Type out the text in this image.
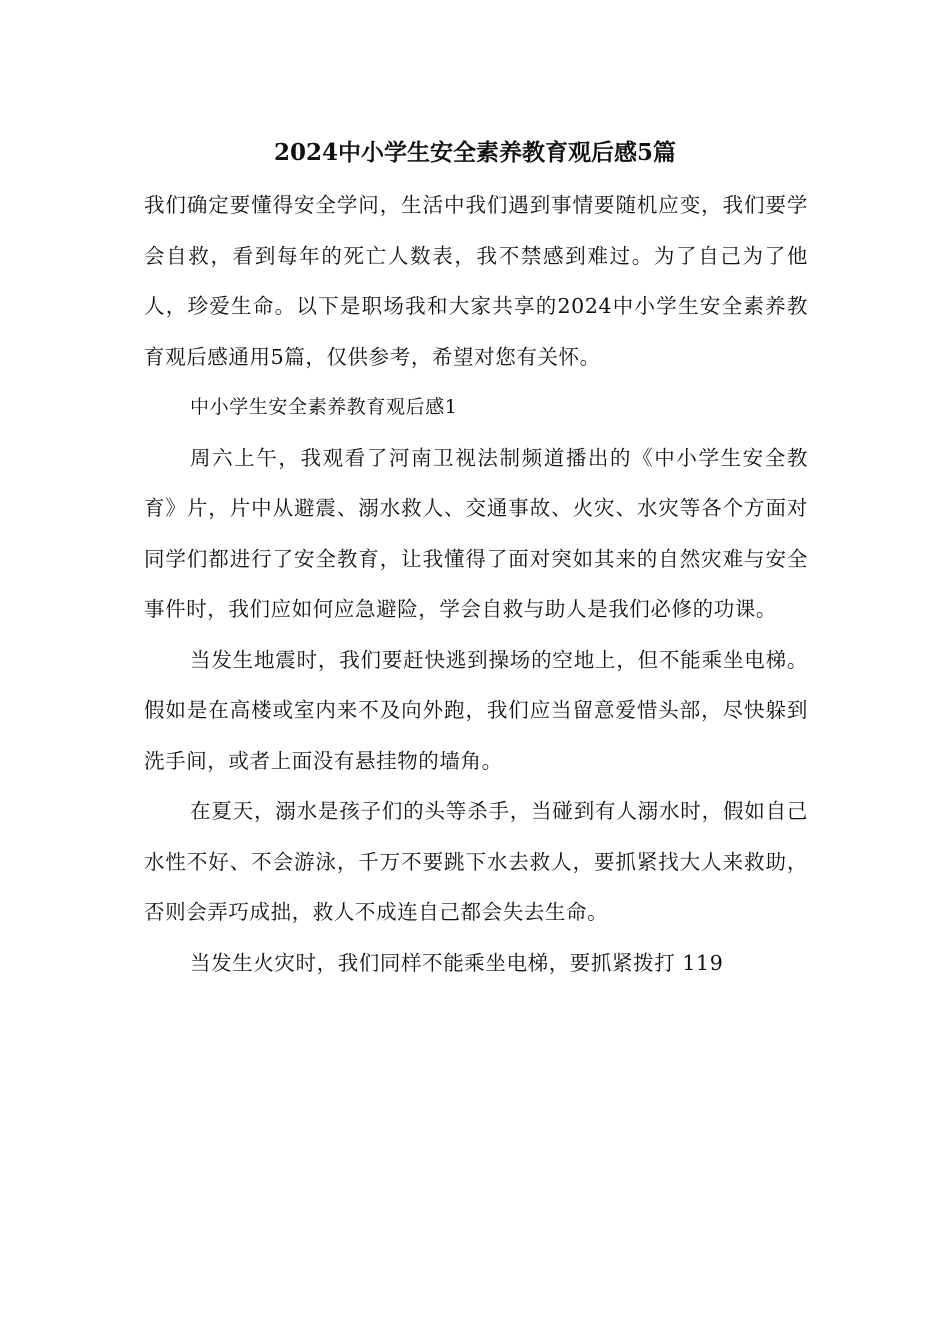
2024中小学生安全素养教育观后感5篇

我们确定要懂得安全学问，生活中我们遇到事情要随机应变，我们要学会自救，看到每年的死亡人数表，我不禁感到难过。为了自己为了他人，珍爱生命。以下是职场我和大家共享的2024中小学生安全素养教育观后感通用5篇，仅供参考，希望对您有关怀。

中小学生安全素养教育观后感1

周六上午，我观看了河南卫视法制频道播出的《中小学生安全教育》片，片中从避震、溺水救人、交通事故、火灾、水灾等各个方面对同学们都进行了安全教育，让我懂得了面对突如其来的自然灾难与安全事件时，我们应如何应急避险，学会自救与助人是我们必修的功课。

当发生地震时，我们要赶快逃到操场的空地上，但不能乘坐电梯。假如是在高楼或室内来不及向外跑，我们应当留意爱惜头部，尽快躲到洗手间，或者上面没有悬挂物的墙角。

在夏天，溺水是孩子们的头等杀手，当碰到有人溺水时，假如自己水性不好、不会游泳，千万不要跳下水去救人，要抓紧找大人来救助，否则会弄巧成拙，救人不成连自己都会失去生命。

当发生火灾时，我们同样不能乘坐电梯，要抓紧拨打 119
